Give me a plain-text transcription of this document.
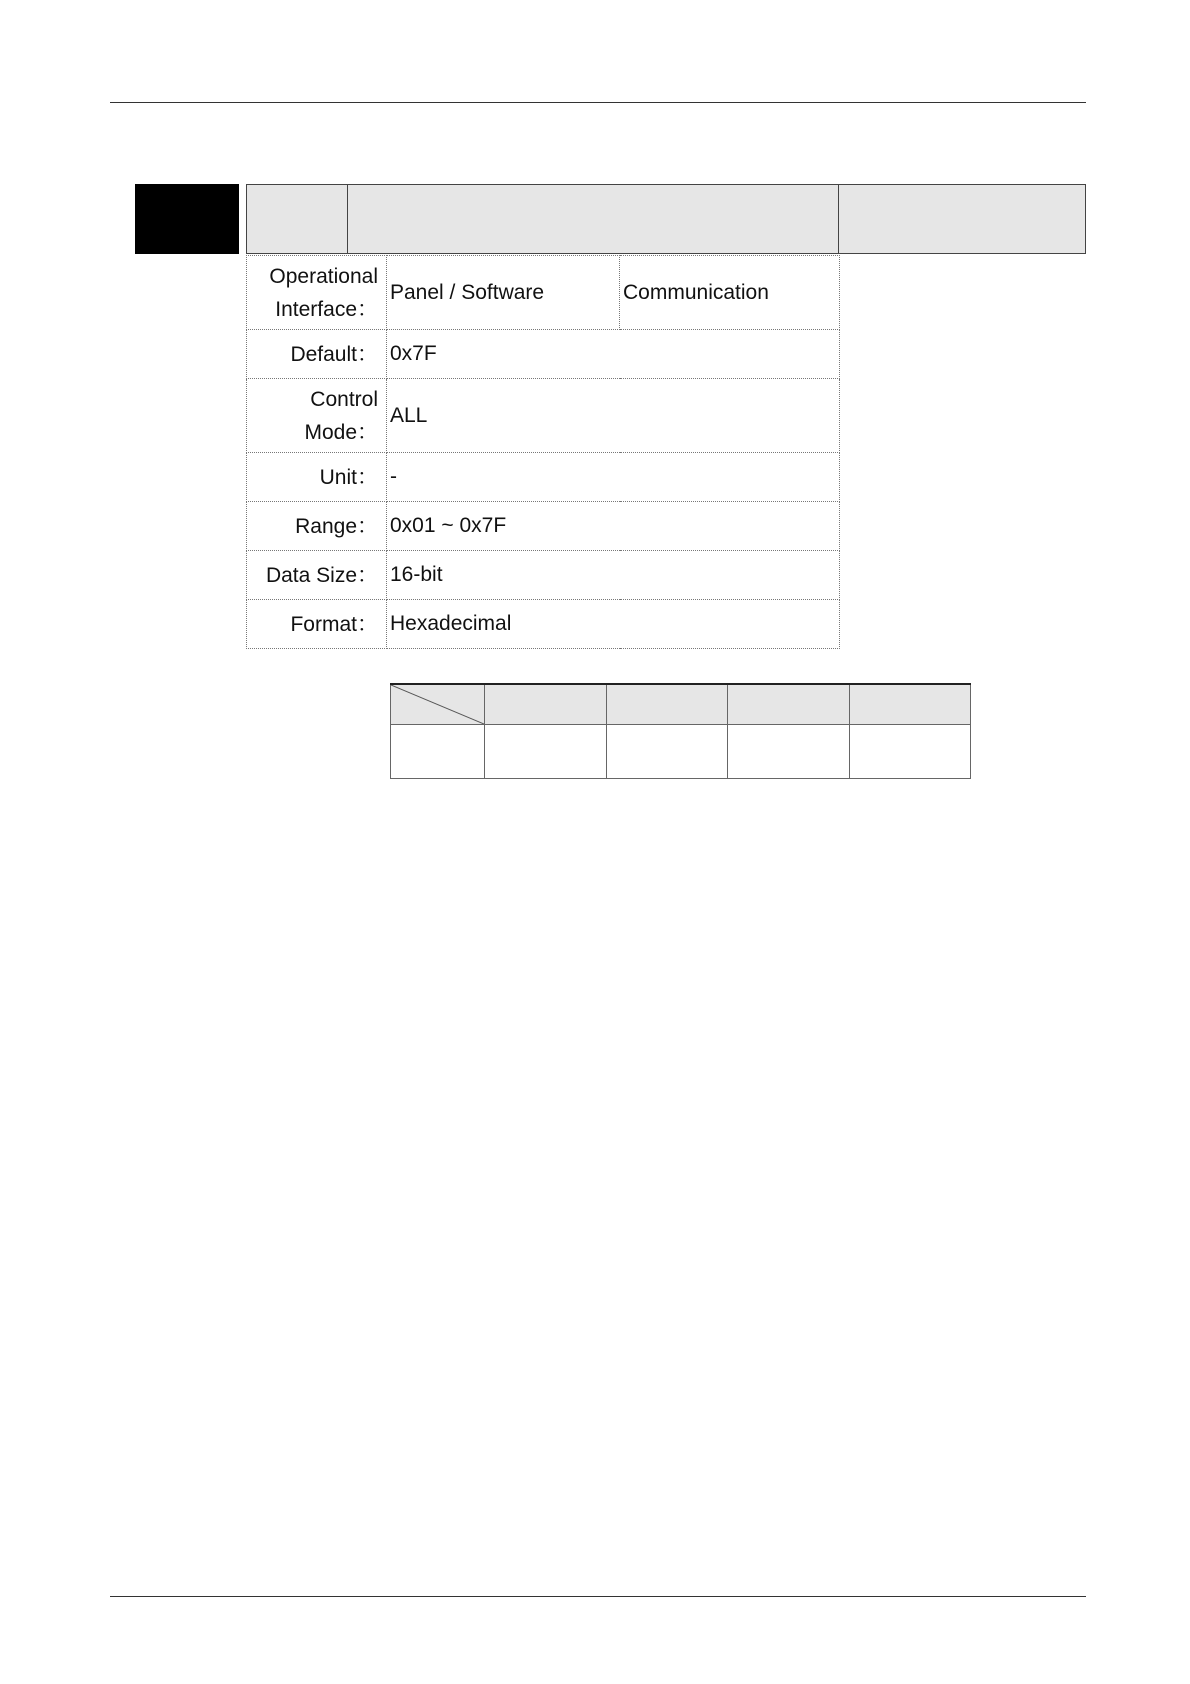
Operational Interface：	Panel / Software	Communication
Default：	0x7F	
Control Mode：	ALL	
Unit：	-	
Range：	0x01 ~ 0x7F	
Data Size：	16-bit	
Format：	Hexadecimal	
